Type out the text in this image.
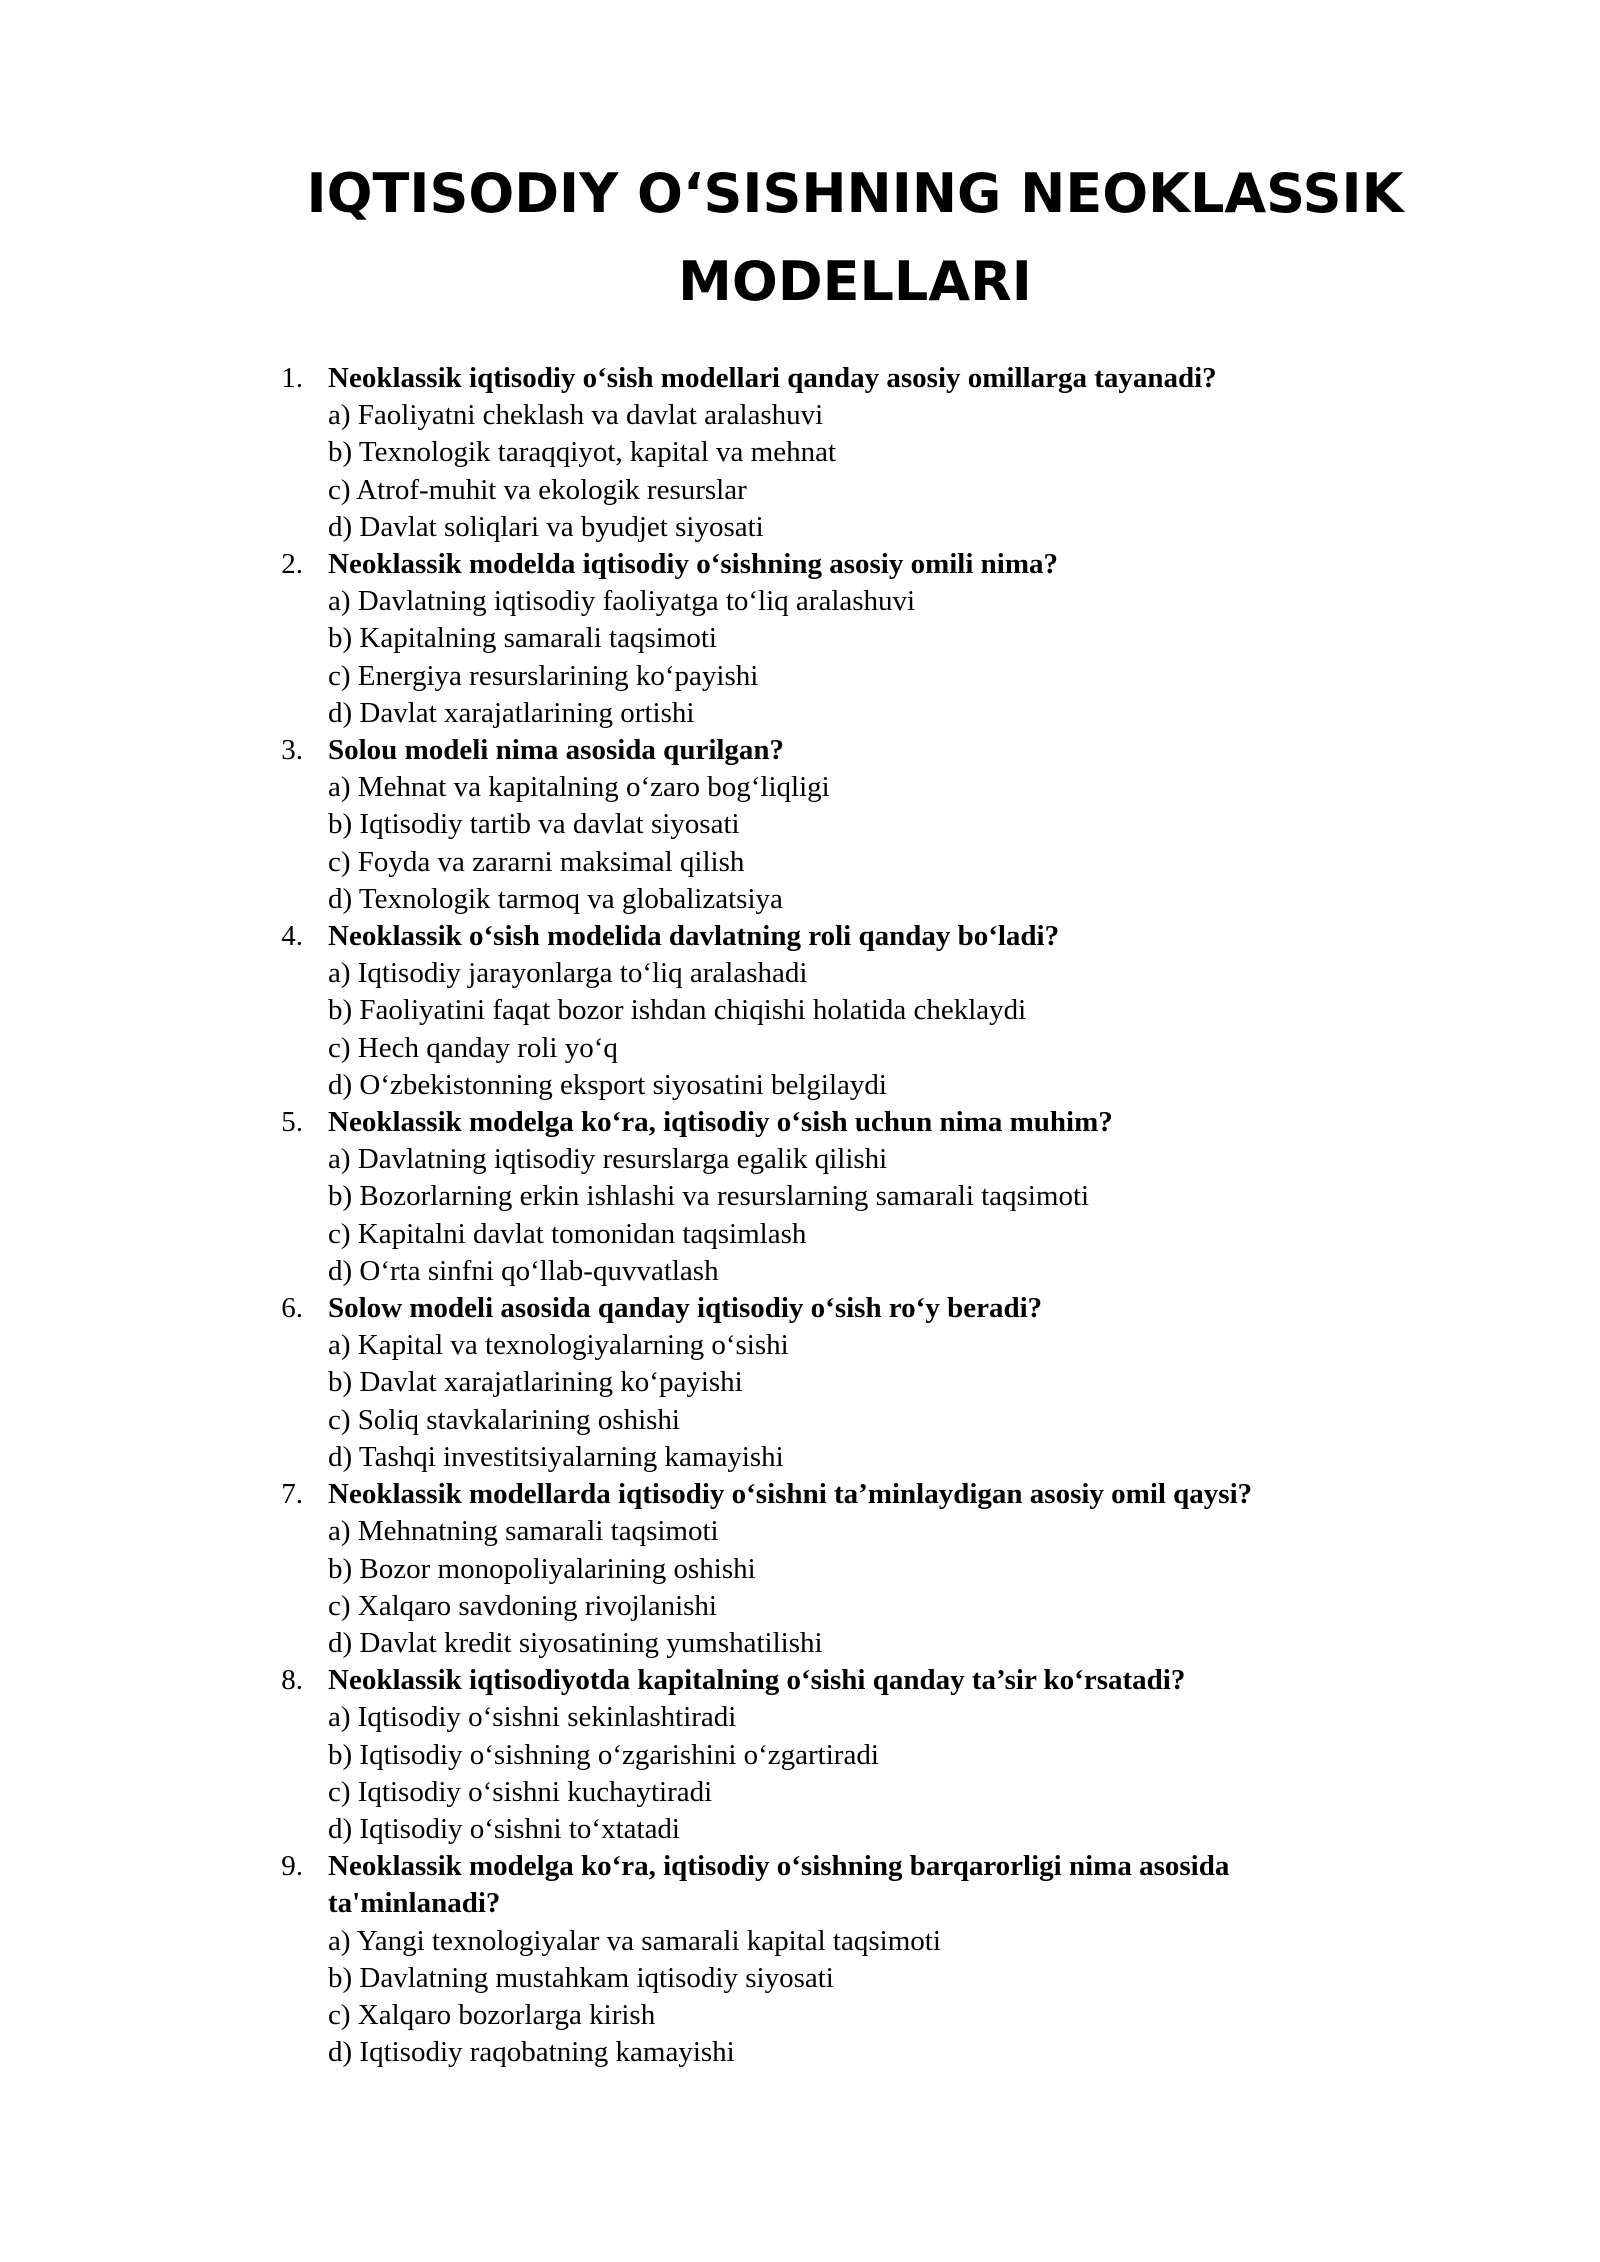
IQTISODIY O‘SISHNING NEOKLASSIK
MODELLARI
1. Neoklassik iqtisodiy o‘sish modellari qanday asosiy omillarga tayanadi?
a) Faoliyatni cheklash va davlat aralashuvi
b) Texnologik taraqqiyot, kapital va mehnat
c) Atrof-muhit va ekologik resurslar
d) Davlat soliqlari va byudjet siyosati
2. Neoklassik modelda iqtisodiy o‘sishning asosiy omili nima?
a) Davlatning iqtisodiy faoliyatga to‘liq aralashuvi
b) Kapitalning samarali taqsimoti
c) Energiya resurslarining ko‘payishi
d) Davlat xarajatlarining ortishi
3. Solou modeli nima asosida qurilgan?
a) Mehnat va kapitalning o‘zaro bog‘liqligi
b) Iqtisodiy tartib va davlat siyosati
c) Foyda va zararni maksimal qilish
d) Texnologik tarmoq va globalizatsiya
4. Neoklassik o‘sish modelida davlatning roli qanday bo‘ladi?
a) Iqtisodiy jarayonlarga to‘liq aralashadi
b) Faoliyatini faqat bozor ishdan chiqishi holatida cheklaydi
c) Hech qanday roli yo‘q
d) O‘zbekistonning eksport siyosatini belgilaydi
5. Neoklassik modelga ko‘ra, iqtisodiy o‘sish uchun nima muhim?
a) Davlatning iqtisodiy resurslarga egalik qilishi
b) Bozorlarning erkin ishlashi va resurslarning samarali taqsimoti
c) Kapitalni davlat tomonidan taqsimlash
d) O‘rta sinfni qo‘llab-quvvatlash
6. Solow modeli asosida qanday iqtisodiy o‘sish ro‘y beradi?
a) Kapital va texnologiyalarning o‘sishi
b) Davlat xarajatlarining ko‘payishi
c) Soliq stavkalarining oshishi
d) Tashqi investitsiyalarning kamayishi
7. Neoklassik modellarda iqtisodiy o‘sishni ta’minlaydigan asosiy omil qaysi?
a) Mehnatning samarali taqsimoti
b) Bozor monopoliyalarining oshishi
c) Xalqaro savdoning rivojlanishi
d) Davlat kredit siyosatining yumshatilishi
8. Neoklassik iqtisodiyotda kapitalning o‘sishi qanday ta’sir ko‘rsatadi?
a) Iqtisodiy o‘sishni sekinlashtiradi
b) Iqtisodiy o‘sishning o‘zgarishini o‘zgartiradi
c) Iqtisodiy o‘sishni kuchaytiradi
d) Iqtisodiy o‘sishni to‘xtatadi
9. Neoklassik modelga ko‘ra, iqtisodiy o‘sishning barqarorligi nima asosida ta'minlanadi?
a) Yangi texnologiyalar va samarali kapital taqsimoti
b) Davlatning mustahkam iqtisodiy siyosati
c) Xalqaro bozorlarga kirish
d) Iqtisodiy raqobatning kamayishi
